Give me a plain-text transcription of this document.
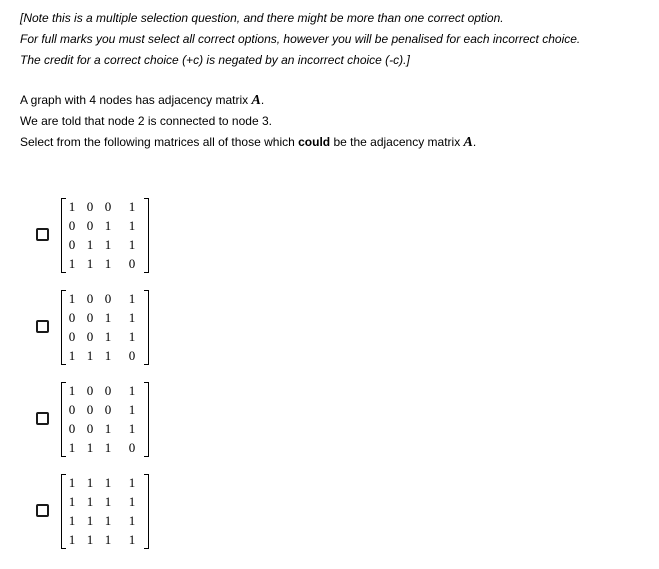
[Note this is a multiple selection question, and there might be more than one correct option.
For full marks you must select all correct options, however you will be penalised for each incorrect choice.
The credit for a correct choice (+c) is negated by an incorrect choice (-c).]
A graph with 4 nodes has adjacency matrix A.
We are told that node 2 is connected to node 3.
Select from the following matrices all of those which could be the adjacency matrix A.
1 0 0 1
0 0 1 1
0 1 1 1
1 1 1 0
1 0 0 1
0 0 1 1
0 0 1 1
1 1 1 0
1 0 0 1
0 0 0 1
0 0 1 1
1 1 1 0
1 1 1 1
1 1 1 1
1 1 1 1
1 1 1 1
